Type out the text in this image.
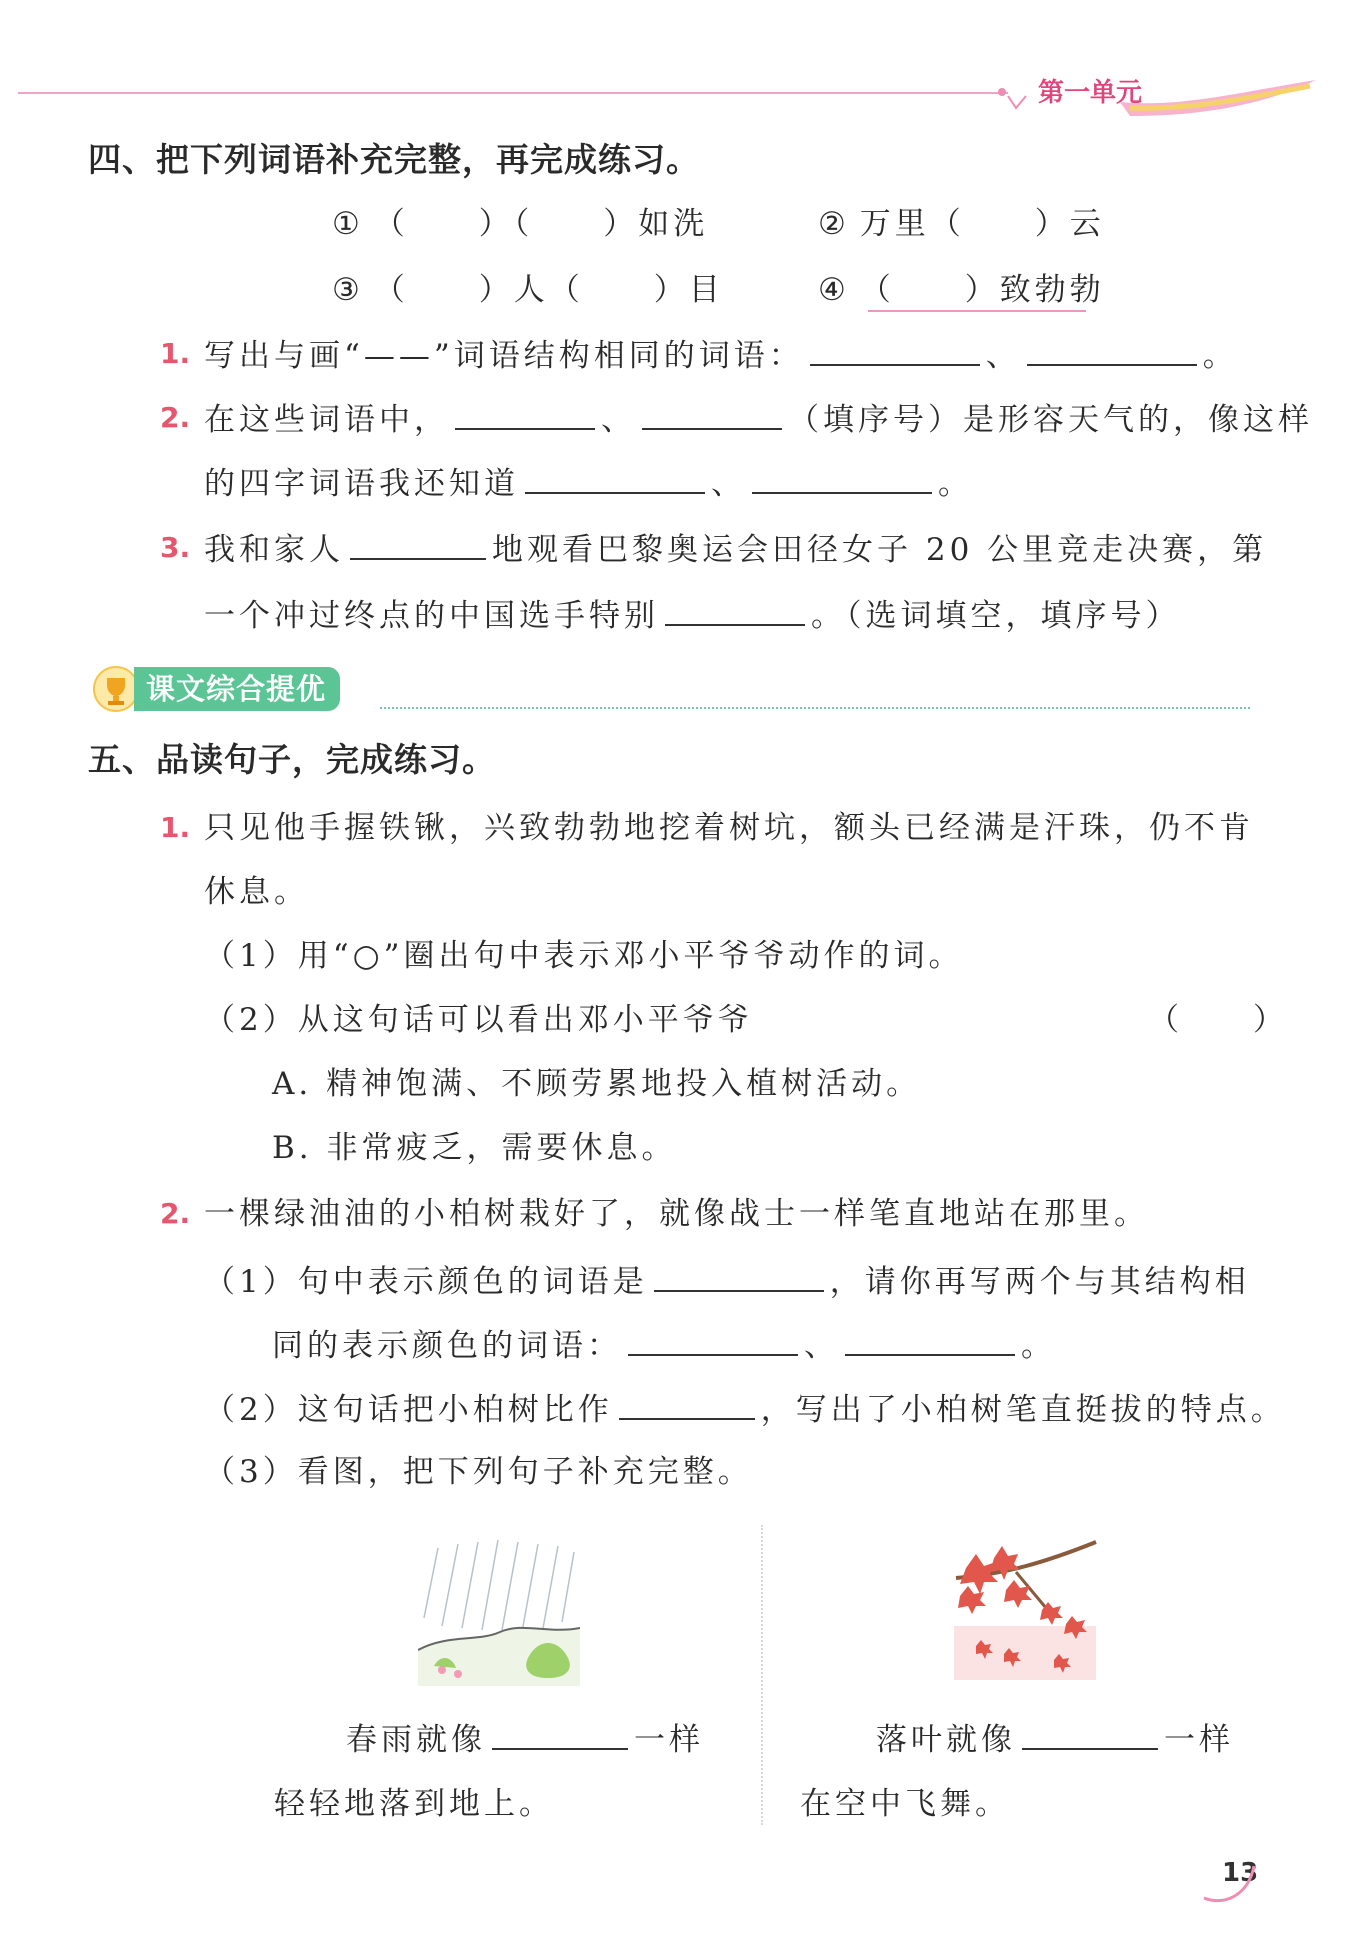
第一单元
四、把下列词语补充完整，再完成练习。
① （ ）（ ）如洗	② 万里（ ）云
③ （ ）人（ ）目	④ （ ）致勃勃
1. 写出与画“——”词语结构相同的词语：	、	。
2. 在这些词语中，	、	（填序号）是形容天气的，像这样
的四字词语我还知道	、	。
3. 我和家人	地观看巴黎奥运会田径女子 20 公里竞走决赛，第
一个冲过终点的中国选手特别	。（选词填空，填序号）
课文综合提优
五、品读句子，完成练习。
1. 只见他手握铁锹，兴致勃勃地挖着树坑，额头已经满是汗珠，仍不肯
休息。
（1）用“○”圈出句中表示邓小平爷爷动作的词。
（2）从这句话可以看出邓小平爷爷	（　　）
A. 精神饱满、不顾劳累地投入植树活动。
B. 非常疲乏，需要休息。
2. 一棵绿油油的小柏树栽好了，就像战士一样笔直地站在那里。
（1）句中表示颜色的词语是	，请你再写两个与其结构相
同的表示颜色的词语：	、	。
（2）这句话把小柏树比作	，写出了小柏树笔直挺拔的特点。
（3）看图，把下列句子补充完整。
春雨就像	一样
轻轻地落到地上。
落叶就像	一样
在空中飞舞。
13
